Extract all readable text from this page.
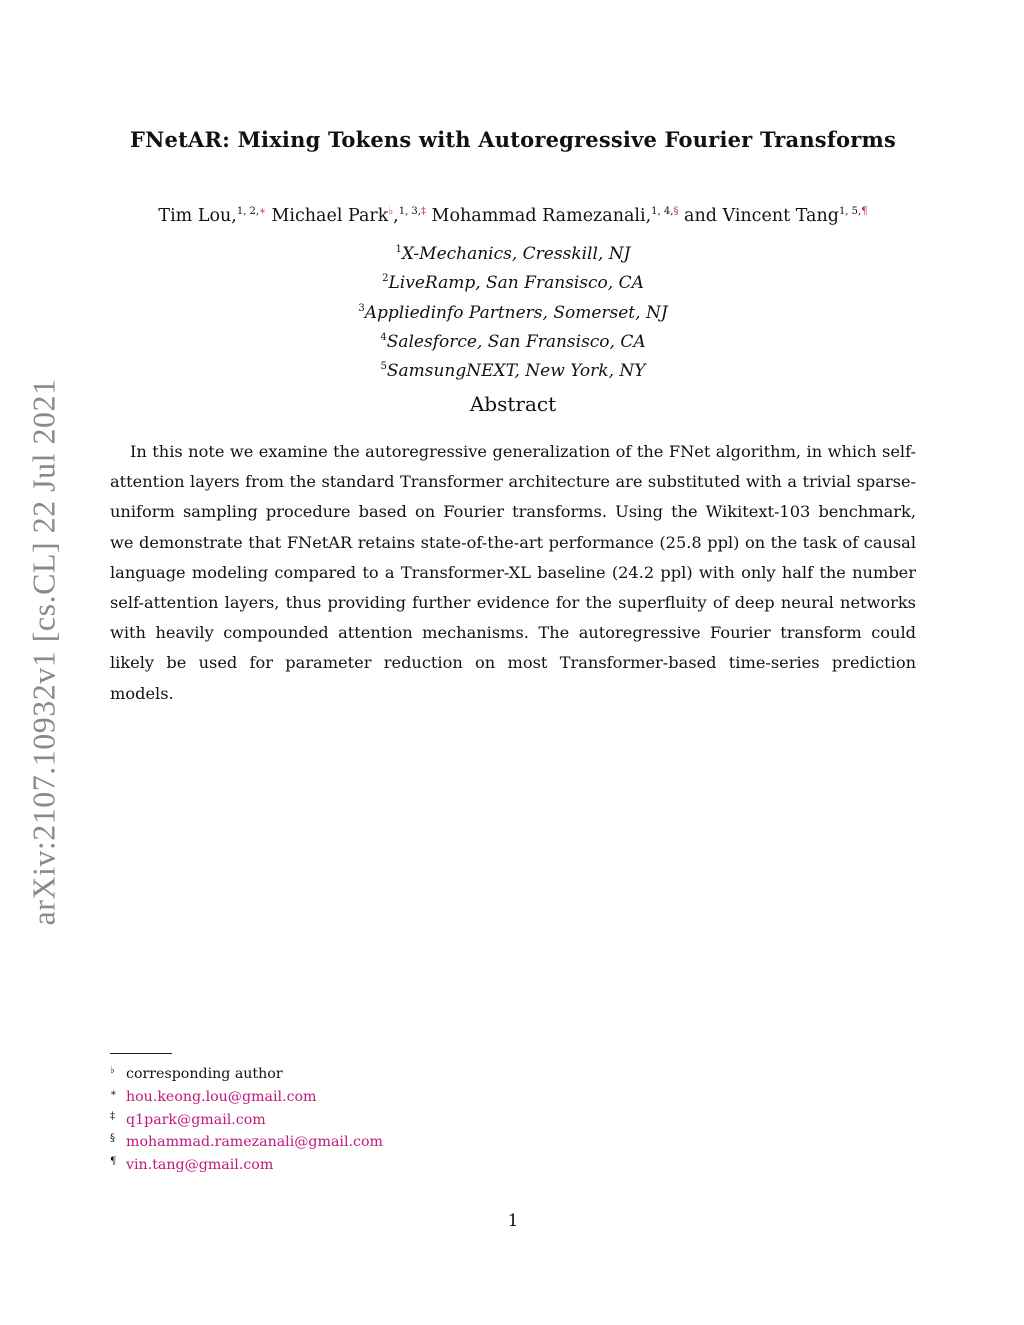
arXiv:2107.10932v1 [cs.CL] 22 Jul 2021
FNetAR: Mixing Tokens with Autoregressive Fourier Transforms
Tim Lou,$^{1, 2,∗}$ Michael Park♭,$^{1, 3,\ddagger}$ Mohammad Ramezanali,$^{1, 4,\S}$ and Vincent Tang$^{1, 5,\P}$
$^1$X-Mechanics, Cresskill, NJ
$^2$LiveRamp, San Fransisco, CA
$^3$Appliedinfo Partners, Somerset, NJ
$^4$Salesforce, San Fransisco, CA
$^5$SamsungNEXT, New York, NY
Abstract

In this note we examine the autoregressive generalization of the FNet algorithm, in which self-attention layers from the standard Transformer architecture are substituted with a trivial sparse-uniform sampling procedure based on Fourier transforms. Using the Wikitext-103 benchmark, we demonstrate that FNetAR retains state-of-the-art performance (25.8 ppl) on the task of causal language modeling compared to a Transformer-XL baseline (24.2 ppl) with only half the number self-attention layers, thus providing further evidence for the superfluity of deep neural networks with heavily compounded attention mechanisms. The autoregressive Fourier transform could likely be used for parameter reduction on most Transformer-based time-series prediction models.

♭ corresponding author
∗ hou.keong.lou@gmail.com
‡ q1park@gmail.com
§ mohammad.ramezanali@gmail.com
¶ vin.tang@gmail.com
1
